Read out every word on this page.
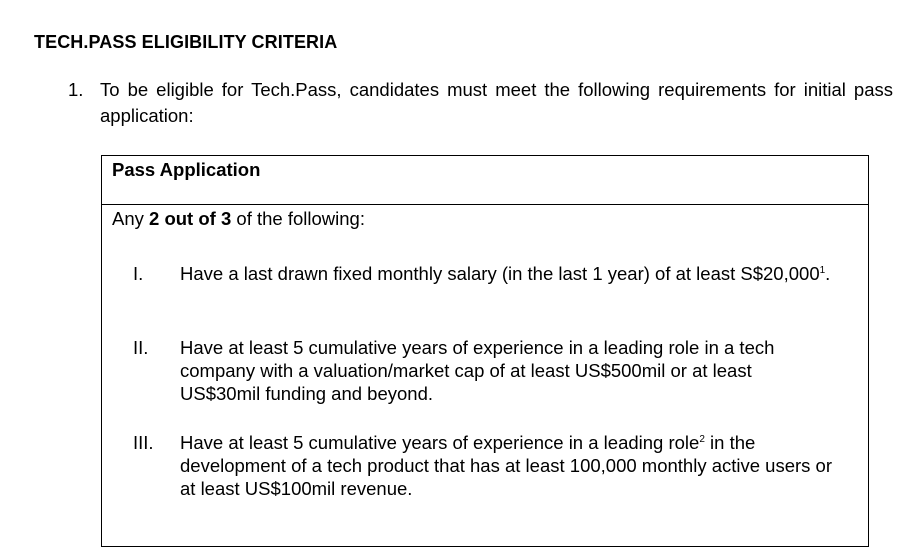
TECH.PASS ELIGIBILITY CRITERIA
1. To be eligible for Tech.Pass, candidates must meet the following requirements for initial pass application:
Pass Application
Any 2 out of 3 of the following:
I. Have a last drawn fixed monthly salary (in the last 1 year) of at least S$20,000$^1$.
II. Have at least 5 cumulative years of experience in a leading role in a tech company with a valuation/market cap of at least US$500mil or at least US$30mil funding and beyond.
III. Have at least 5 cumulative years of experience in a leading role$^2$ in the development of a tech product that has at least 100,000 monthly active users or at least US$100mil revenue.
